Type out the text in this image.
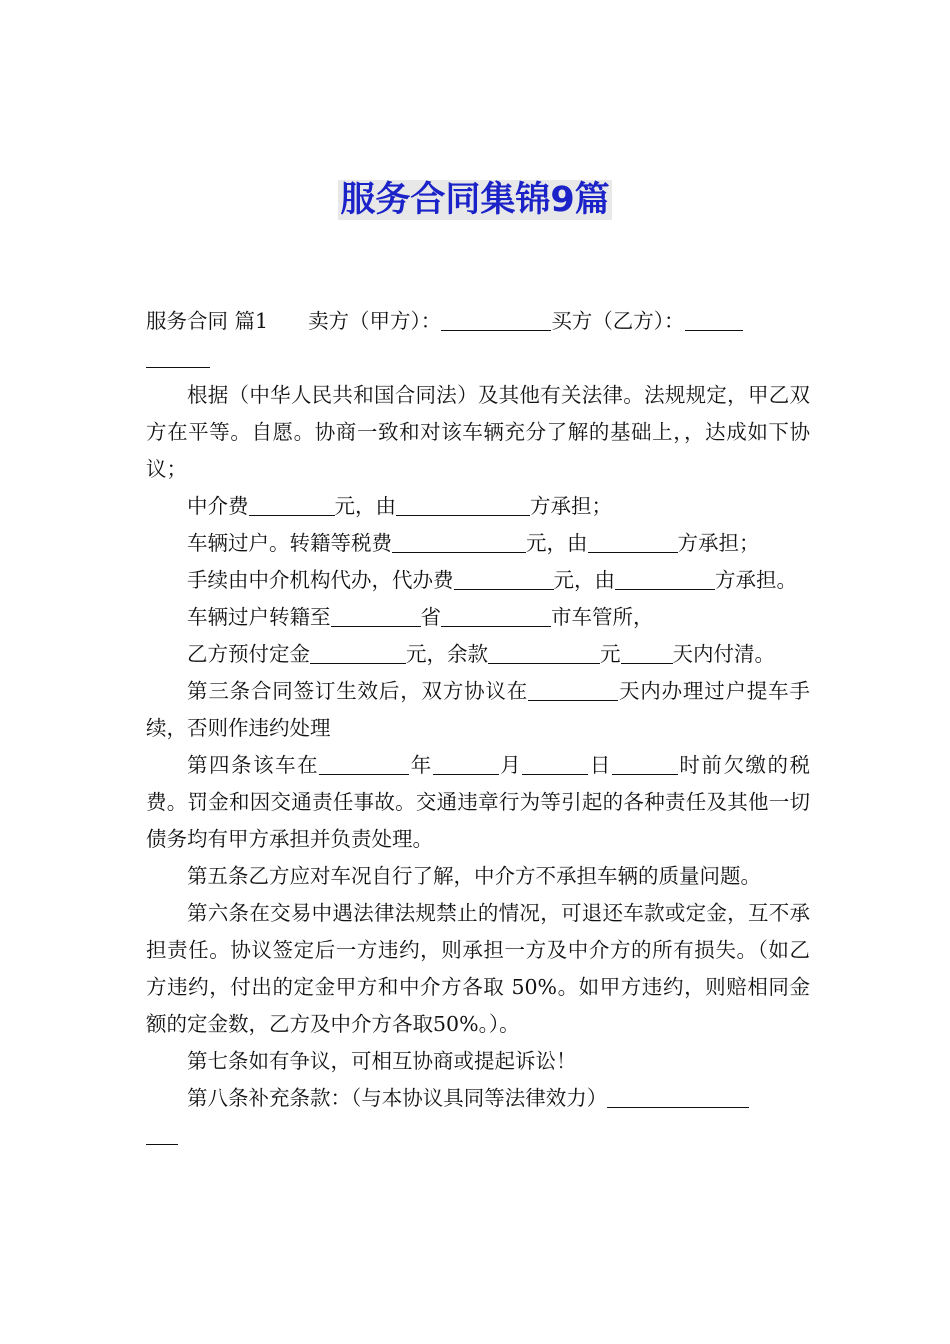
服务合同集锦9篇

服务合同 篇1 卖方（甲方）：	买方（乙方）：

根据（中华人民共和国合同法）及其他有关法律。法规规定，甲乙双方在平等。自愿。协商一致和对该车辆充分了解的基础上，，达成如下协议；

中介费	元，由	方承担；

车辆过户。转籍等税费	元，由	方承担；

手续由中介机构代办，代办费	元，由	方承担。

车辆过户转籍至	省	市车管所，

乙方预付定金	元，余款	元	天内付清。

第三条合同签订生效后，双方协议在	天内办理过户提车手续，否则作违约处理

第四条该车在	年	月	日	时前欠缴的税费。罚金和因交通责任事故。交通违章行为等引起的各种责任及其他一切债务均有甲方承担并负责处理。

第五条乙方应对车况自行了解，中介方不承担车辆的质量问题。

第六条在交易中遇法律法规禁止的情况，可退还车款或定金，互不承担责任。协议签定后一方违约，则承担一方及中介方的所有损失。（如乙方违约，付出的定金甲方和中介方各取 50%。如甲方违约，则赔相同金额的定金数，乙方及中介方各取50%。）。

第七条如有争议，可相互协商或提起诉讼！

第八条补充条款：（与本协议具同等法律效力）
